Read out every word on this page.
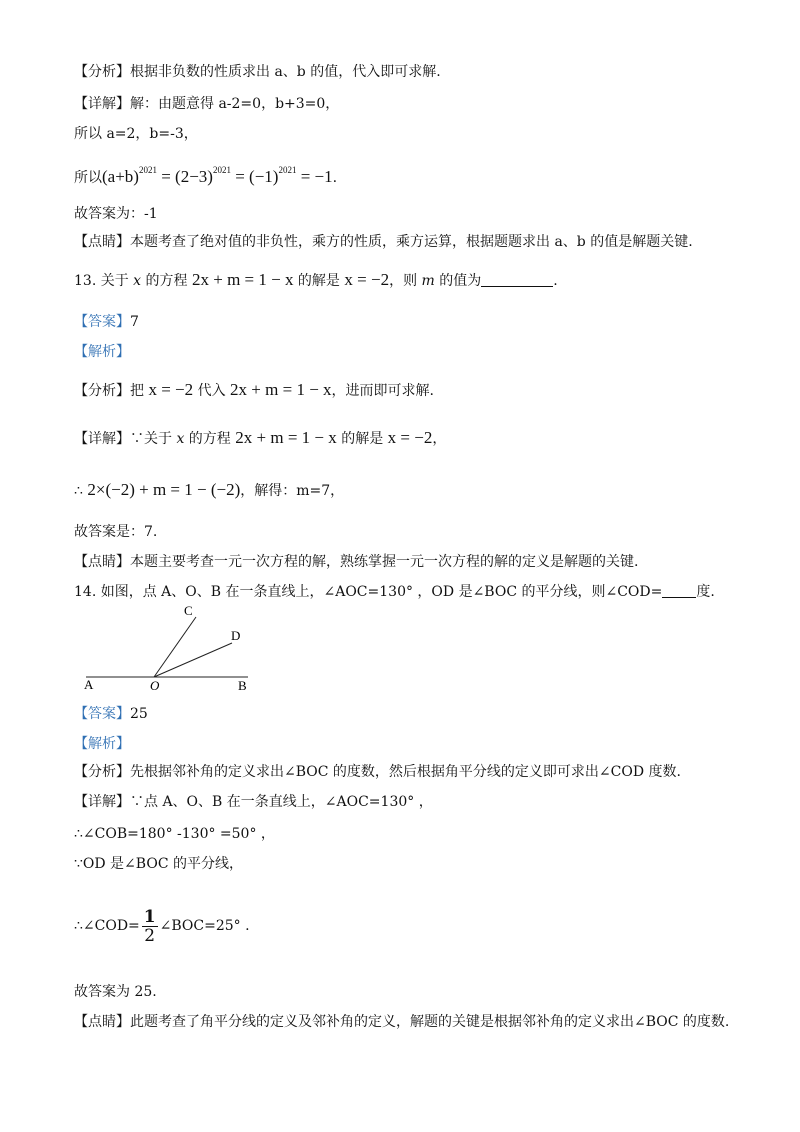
【分析】根据非负数的性质求出 a、b 的值，代入即可求解.
【详解】解：由题意得 a-2=0，b+3=0，
所以 a=2，b=-3，
所以$(a+b)^{2021} = (2-3)^{2021} = (-1)^{2021} = -1$.
故答案为：-1
【点睛】本题考查了绝对值的非负性，乘方的性质，乘方运算，根据题题求出 a、b 的值是解题关键.
13. 关于 x 的方程 2x + m = 1 − x 的解是 x = −2，则 m 的值为	.
【答案】7
【解析】
【分析】把 x = −2 代入 2x + m = 1 − x，进而即可求解.
【详解】∵关于 x 的方程 2x + m = 1 − x 的解是 x = −2，
∴ 2×(−2) + m = 1 − (−2)，解得：m=7，
故答案是：7.
【点睛】本题主要考查一元一次方程的解，熟练掌握一元一次方程的解的定义是解题的关键.
14. 如图，点 A、O、B 在一条直线上，∠AOC=130° ，OD 是∠BOC 的平分线，则∠COD= 度.
A	O	B
C
D
【答案】25
【解析】
【分析】先根据邻补角的定义求出∠BOC 的度数，然后根据角平分线的定义即可求出∠COD 度数.
【详解】∵点 A、O、B 在一条直线上，∠AOC=130° ，
∴∠COB=180° -130° =50° ，
∵OD 是∠BOC 的平分线，
∴∠COD= $\frac{1}{2}$ ∠BOC=25° .
故答案为 25.
【点睛】此题考查了角平分线的定义及邻补角的定义，解题的关键是根据邻补角的定义求出∠BOC 的度数.
